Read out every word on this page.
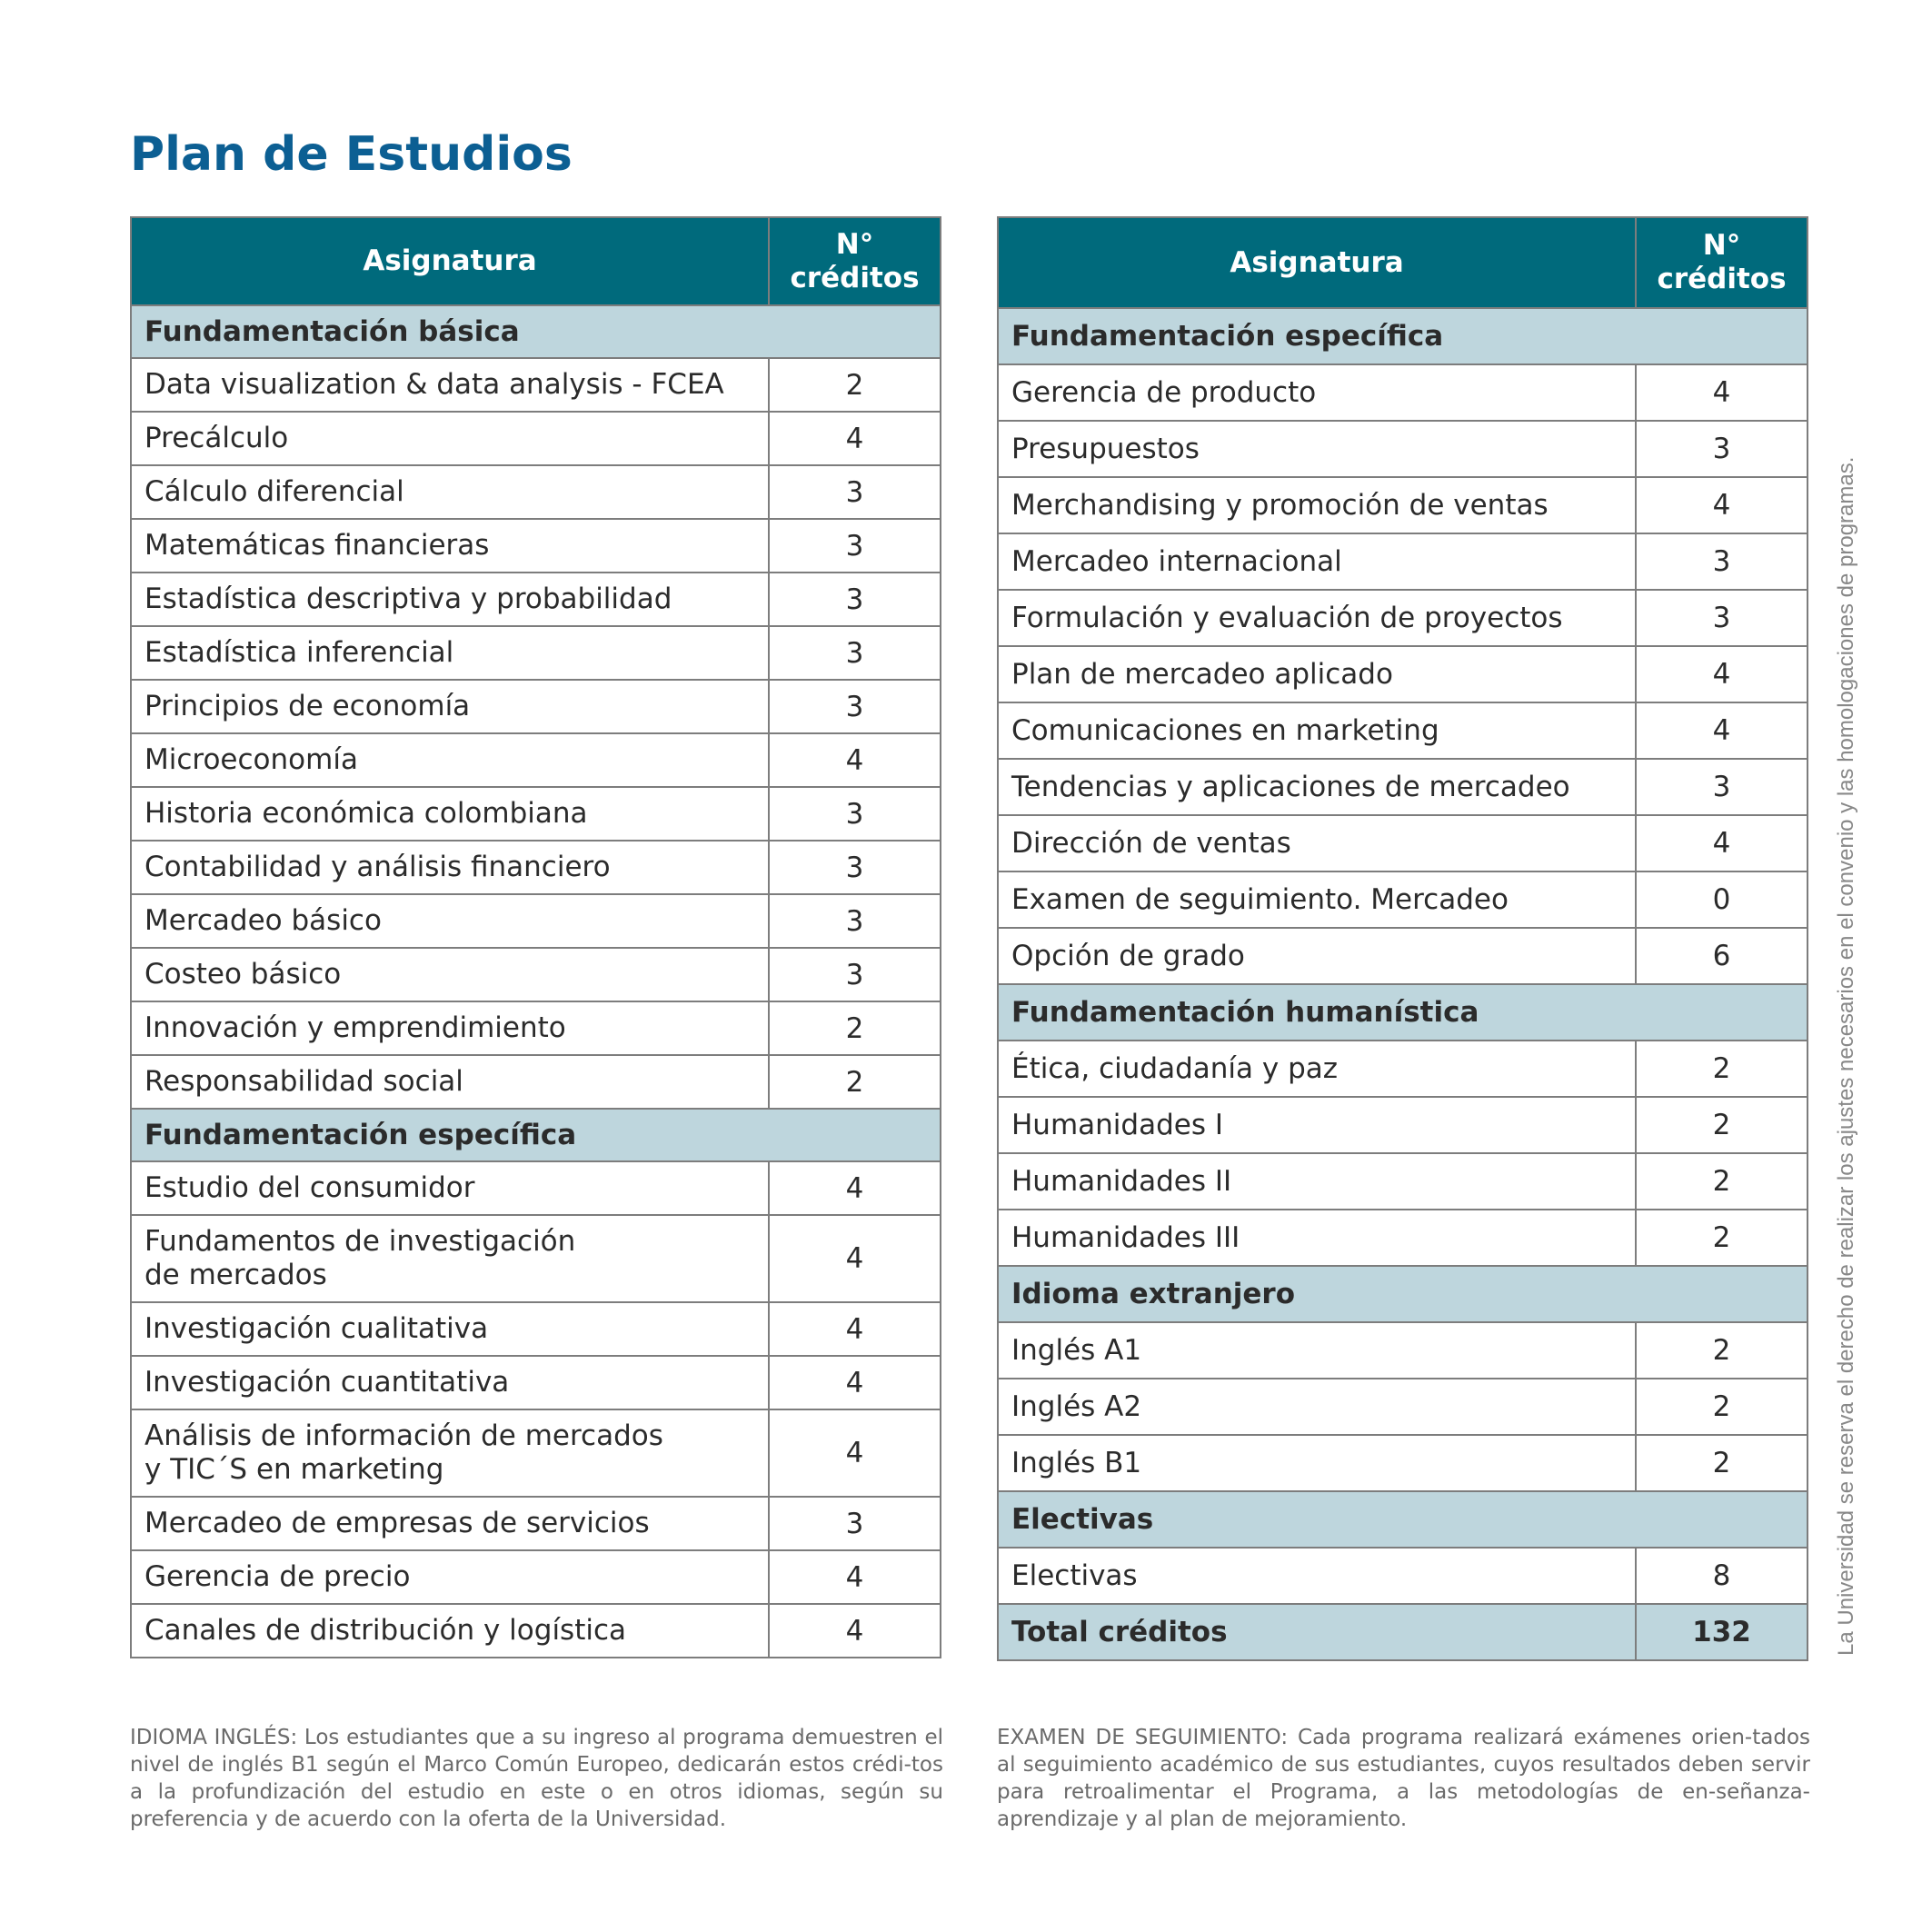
Plan de Estudios
Asignatura	N°
créditos

Fundamentación básica	
Data visualization & data analysis - FCEA	2
Precálculo	4
Cálculo diferencial	3
Matemáticas financieras	3
Estadística descriptiva y probabilidad	3
Estadística inferencial	3
Principios de economía	3
Microeconomía	4
Historia económica colombiana	3
Contabilidad y análisis financiero	3
Mercadeo básico	3
Costeo básico	3
Innovación y emprendimiento	2
Responsabilidad social	2
Fundamentación específica	
Estudio del consumidor	4

Fundamentos de investigación
de mercados	4
Investigación cualitativa	4
Investigación cuantitativa	4

Análisis de información de mercados
y TIC´S en marketing	4
Mercadeo de empresas de servicios	3
Gerencia de precio	4
Canales de distribución y logística	4
Asignatura	N°
créditos

Fundamentación específica	
Gerencia de producto	4
Presupuestos	3
Merchandising y promoción de ventas	4
Mercadeo internacional	3
Formulación y evaluación de proyectos	3
Plan de mercadeo aplicado	4
Comunicaciones en marketing	4
Tendencias y aplicaciones de mercadeo	3
Dirección de ventas	4
Examen de seguimiento. Mercadeo	0
Opción de grado	6
Fundamentación humanística	
Ética, ciudadanía y paz	2
Humanidades I	2
Humanidades II	2
Humanidades III	2
Idioma extranjero	
Inglés A1	2
Inglés A2	2
Inglés B1	2
Electivas	
Electivas	8
Total créditos	132

IDIOMA INGLÉS: Los estudiantes que a su ingreso al programa demuestren el nivel de inglés B1 según el Marco Común Europeo, dedicarán estos crédi-tos a la profundización del estudio en este o en otros idiomas, según su preferencia y de acuerdo con la oferta de la Universidad.

EXAMEN DE SEGUIMIENTO: Cada programa realizará exámenes orien-tados al seguimiento académico de sus estudiantes, cuyos resultados deben servir para retroalimentar el Programa, a las metodologías de en-señanza-aprendizaje y al plan de mejoramiento.

La Universidad se reserva el derecho de realizar los ajustes necesarios en el convenio y las homologaciones de programas.
